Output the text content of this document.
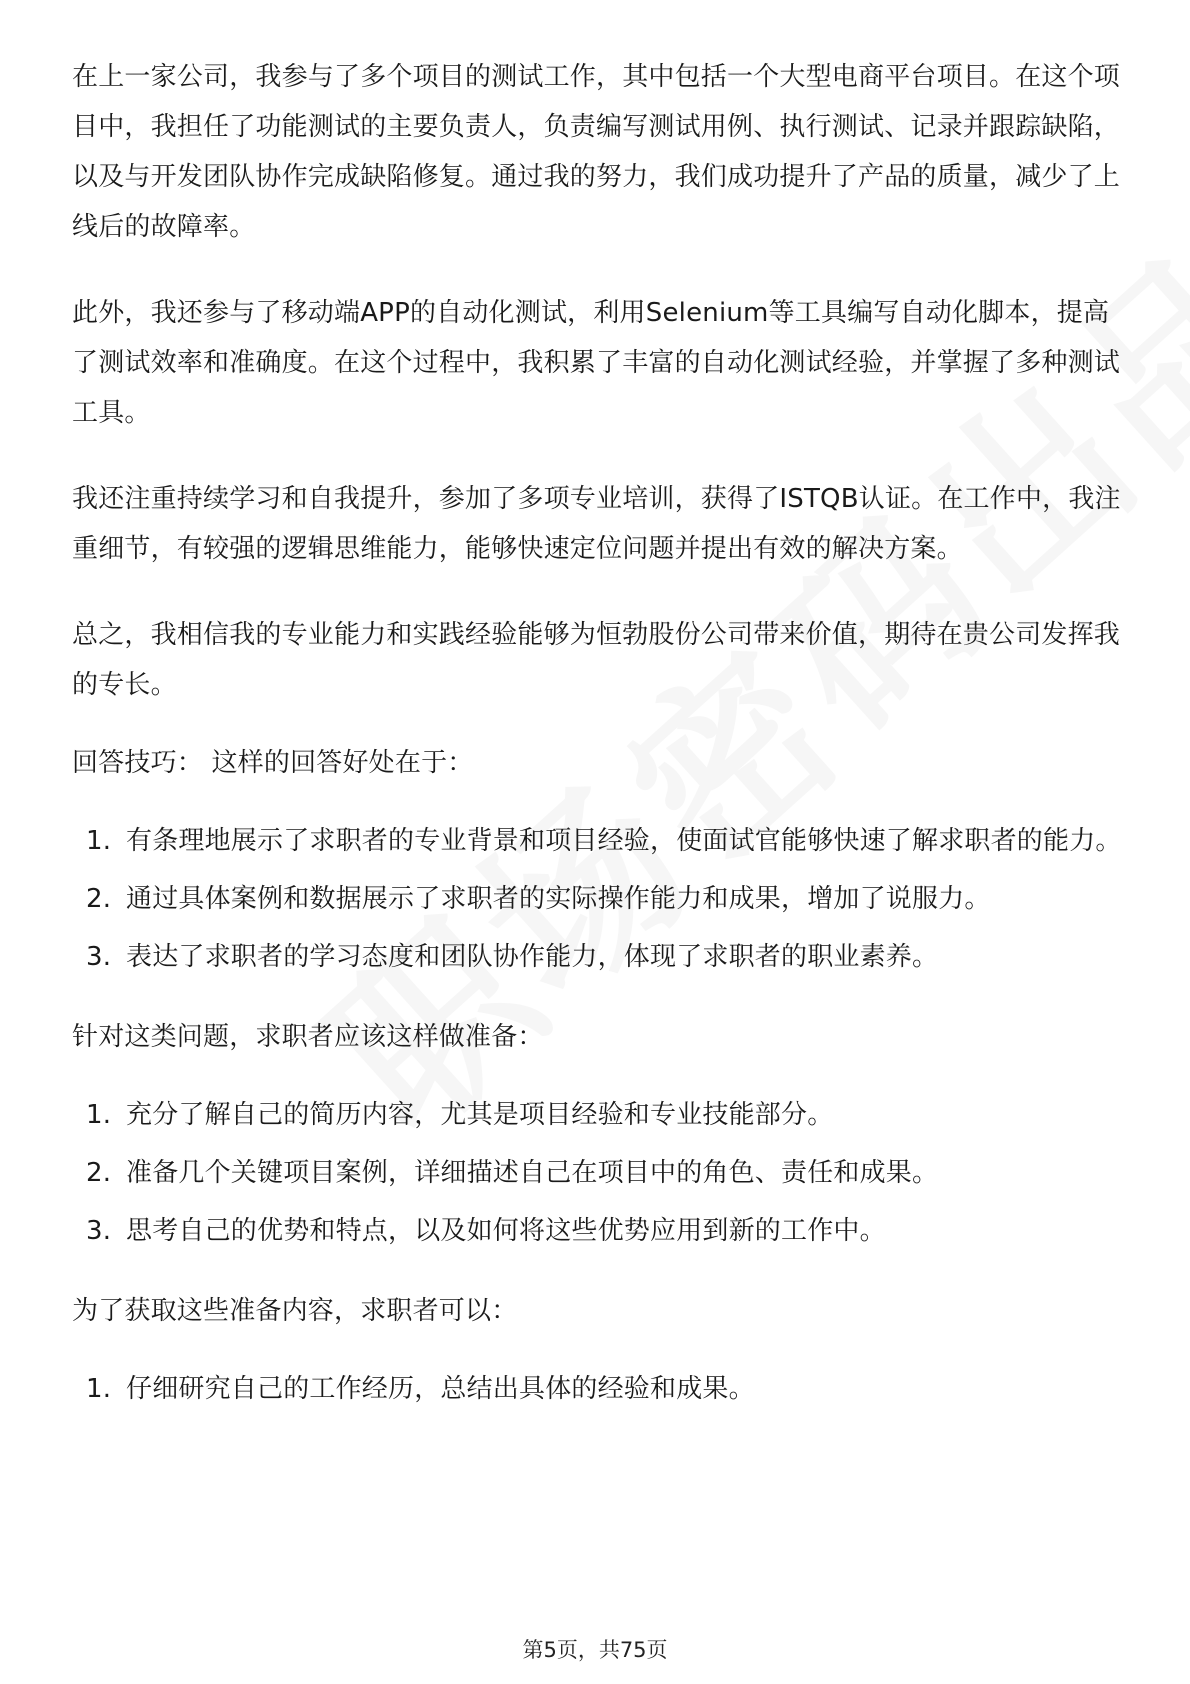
在上一家公司，我参与了多个项目的测试工作，其中包括一个大型电商平台项目。在这个项目中，我担任了功能测试的主要负责人，负责编写测试用例、执行测试、记录并跟踪缺陷，以及与开发团队协作完成缺陷修复。通过我的努力，我们成功提升了产品的质量，减少了上线后的故障率。

此外，我还参与了移动端APP的自动化测试，利用Selenium等工具编写自动化脚本，提高了测试效率和准确度。在这个过程中，我积累了丰富的自动化测试经验，并掌握了多种测试工具。

我还注重持续学习和自我提升，参加了多项专业培训，获得了ISTQB认证。在工作中，我注重细节，有较强的逻辑思维能力，能够快速定位问题并提出有效的解决方案。

总之，我相信我的专业能力和实践经验能够为恒勃股份公司带来价值，期待在贵公司发挥我的专长。

回答技巧： 这样的回答好处在于：

1. 有条理地展示了求职者的专业背景和项目经验，使面试官能够快速了解求职者的能力。
2. 通过具体案例和数据展示了求职者的实际操作能力和成果，增加了说服力。
3. 表达了求职者的学习态度和团队协作能力，体现了求职者的职业素养。

针对这类问题，求职者应该这样做准备：

1. 充分了解自己的简历内容，尤其是项目经验和专业技能部分。
2. 准备几个关键项目案例，详细描述自己在项目中的角色、责任和成果。
3. 思考自己的优势和特点，以及如何将这些优势应用到新的工作中。

为了获取这些准备内容，求职者可以：

1. 仔细研究自己的工作经历，总结出具体的经验和成果。
第5页，共75页
